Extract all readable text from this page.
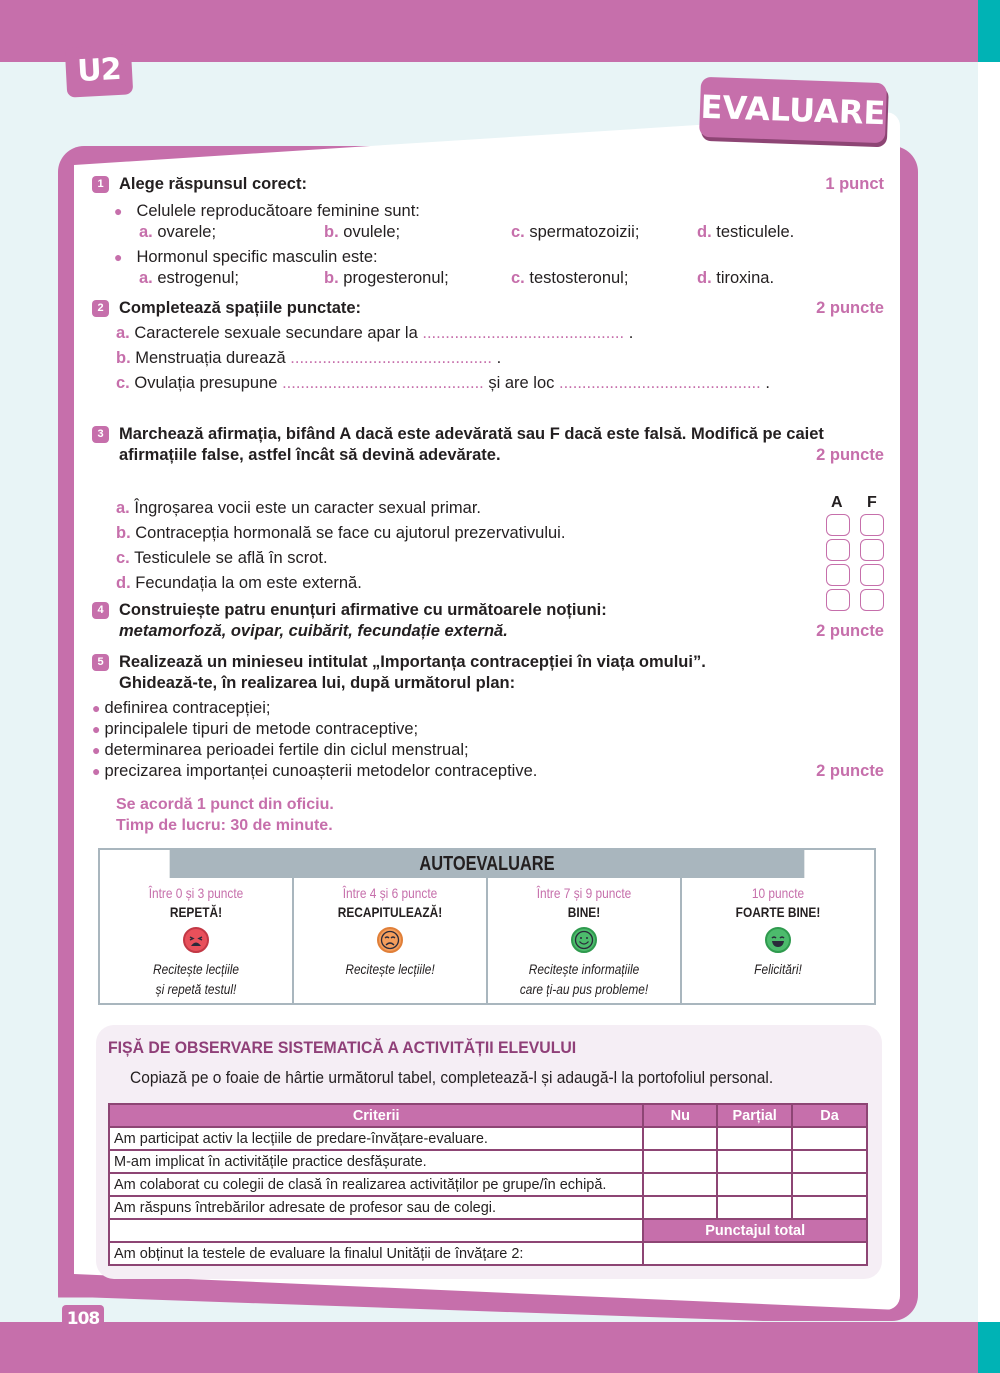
U2
EVALUARE
1 Alege răspunsul corect:	1 punct
● Celulele reproducătoare feminine sunt:
a. ovarele;	b. ovulele;	c. spermatozoizii;	d. testiculele.
● Hormonul specific masculin este:
a. estrogenul;	b. progesteronul;	c. testosteronul;	d. tiroxina.
2 Completează spațiile punctate:	2 puncte
a. Caracterele sexuale secundare apar la ............................................ .
b. Menstruația durează ............................................ .
c. Ovulația presupune ............................................ și are loc ............................................ .
3 Marchează afirmația, bifând A dacă este adevărată sau F dacă este falsă. Modifică pe caiet
afirmațiile false, astfel încât să devină adevărate.	2 puncte
A F
a. Îngroșarea vocii este un caracter sexual primar.
b. Contracepția hormonală se face cu ajutorul prezervativului.
c. Testiculele se află în scrot.
d. Fecundația la om este externă.
4 Construiește patru enunțuri afirmative cu următoarele noțiuni:
metamorfoză, ovipar, cuibărit, fecundație externă.	2 puncte
5 Realizează un minieseu intitulat „Importanța contracepției în viața omului”.
Ghidează-te, în realizarea lui, după următorul plan:
● definirea contracepției;
● principalele tipuri de metode contraceptive;
● determinarea perioadei fertile din ciclul menstrual;
● precizarea importanței cunoașterii metodelor contraceptive.	2 puncte
Se acordă 1 punct din oficiu.
Timp de lucru: 30 de minute.
AUTOEVALUARE
Între 0 și 3 puncte
REPETĂ!
Recitește lecțiile
și repetă testul!
Între 4 și 6 puncte
RECAPITULEAZĂ!
Recitește lecțiile!
Între 7 și 9 puncte
BINE!
Recitește informațiile
care ți-au pus probleme!
10 puncte
FOARTE BINE!
Felicitări!
FIȘĂ DE OBSERVARE SISTEMATICĂ A ACTIVITĂȚII ELEVULUI
Copiază pe o foaie de hârtie următorul tabel, completează-l și adaugă-l la portofoliul personal.
Criterii	Nu	Parțial	Da
Am participat activ la lecțiile de predare-învățare-evaluare.			
M-am implicat în activitățile practice desfășurate.			
Am colaborat cu colegii de clasă în realizarea activităților pe grupe/în echipă.			
Am răspuns întrebărilor adresate de profesor sau de colegi.			
	Punctajul total		
Am obținut la testele de evaluare la finalul Unității de învățare 2:			
108
